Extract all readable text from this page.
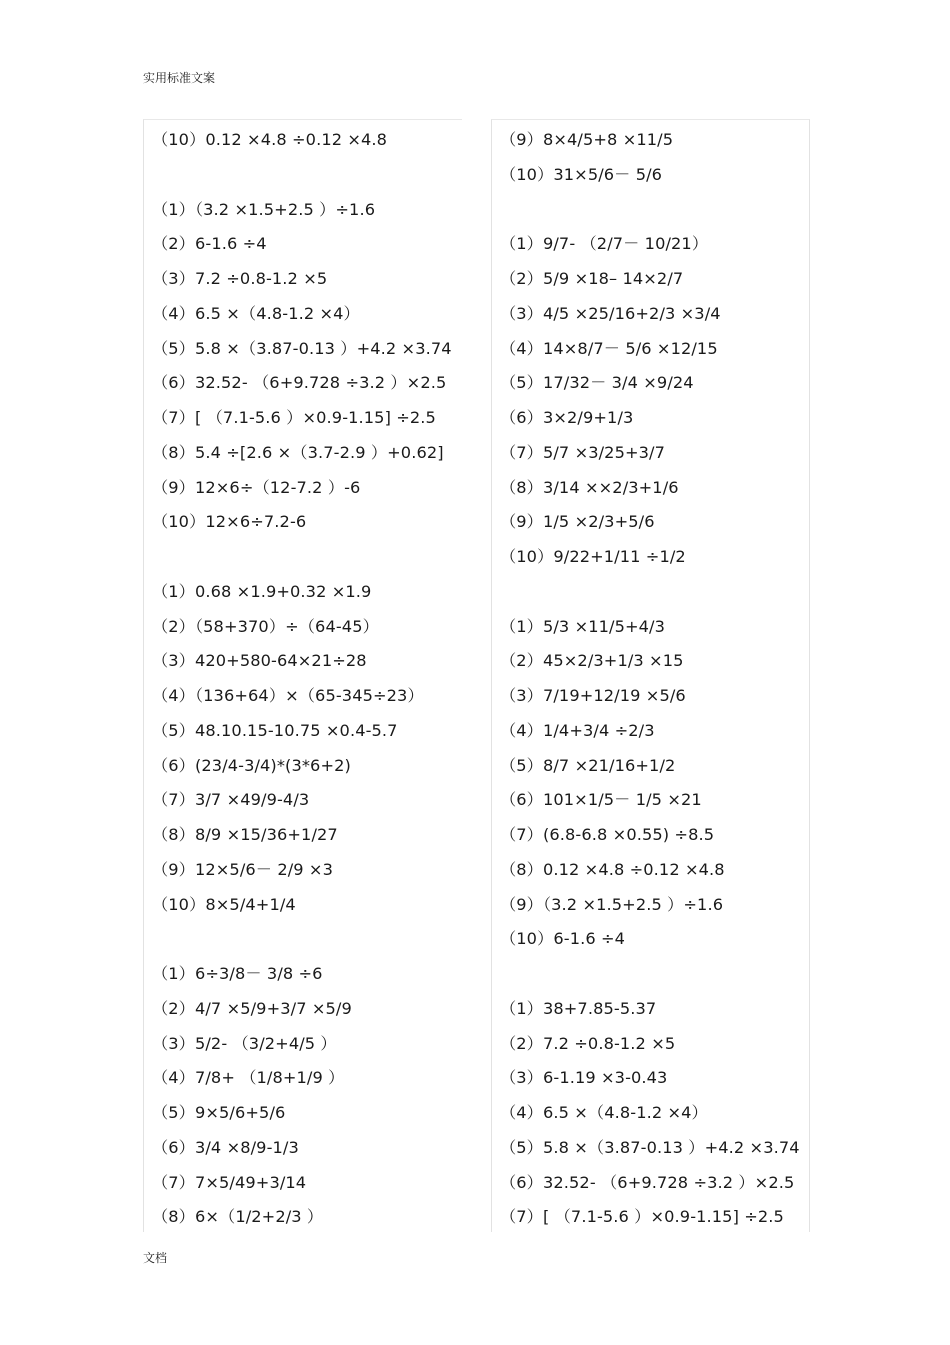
实用标准文案
（10）0.12 ×4.8 ÷0.12 ×4.8
（1）（3.2 ×1.5+2.5 ）÷1.6
（2）6-1.6 ÷4
（3）7.2 ÷0.8-1.2 ×5
（4）6.5 ×（4.8-1.2 ×4）
（5）5.8 ×（3.87-0.13 ）+4.2 ×3.74
（6）32.52- （6+9.728 ÷3.2 ）×2.5
（7）[ （7.1-5.6 ）×0.9-1.15] ÷2.5
（8）5.4 ÷[2.6 ×（3.7-2.9 ）+0.62]
（9）12×6÷（12-7.2 ）-6
（10）12×6÷7.2-6
（1）0.68 ×1.9+0.32 ×1.9
（2）（58+370）÷（64-45）
（3）420+580-64×21÷28
（4）（136+64）×（65-345÷23）
（5）48.10.15-10.75 ×0.4-5.7
（6）(23/4-3/4)*(3*6+2)
（7）3/7 ×49/9-4/3
（8）8/9 ×15/36+1/27
（9）12×5/6－ 2/9 ×3
（10）8×5/4+1/4
（1）6÷3/8－ 3/8 ÷6
（2）4/7 ×5/9+3/7 ×5/9
（3）5/2- （3/2+4/5 ）
（4）7/8+ （1/8+1/9 ）
（5）9×5/6+5/6
（6）3/4 ×8/9-1/3
（7）7×5/49+3/14
（8）6×（1/2+2/3 ）
（9）8×4/5+8 ×11/5
（10）31×5/6－ 5/6
（1）9/7- （2/7－ 10/21）
（2）5/9 ×18– 14×2/7
（3）4/5 ×25/16+2/3 ×3/4
（4）14×8/7－ 5/6 ×12/15
（5）17/32－ 3/4 ×9/24
（6）3×2/9+1/3
（7）5/7 ×3/25+3/7
（8）3/14 ××2/3+1/6
（9）1/5 ×2/3+5/6
（10）9/22+1/11 ÷1/2
（1）5/3 ×11/5+4/3
（2）45×2/3+1/3 ×15
（3）7/19+12/19 ×5/6
（4）1/4+3/4 ÷2/3
（5）8/7 ×21/16+1/2
（6）101×1/5－ 1/5 ×21
（7）(6.8-6.8 ×0.55) ÷8.5
（8）0.12 ×4.8 ÷0.12 ×4.8
（9）（3.2 ×1.5+2.5 ）÷1.6
（10）6-1.6 ÷4
（1）38+7.85-5.37
（2）7.2 ÷0.8-1.2 ×5
（3）6-1.19 ×3-0.43
（4）6.5 ×（4.8-1.2 ×4）
（5）5.8 ×（3.87-0.13 ）+4.2 ×3.74
（6）32.52- （6+9.728 ÷3.2 ）×2.5
（7）[ （7.1-5.6 ）×0.9-1.15] ÷2.5
文档
